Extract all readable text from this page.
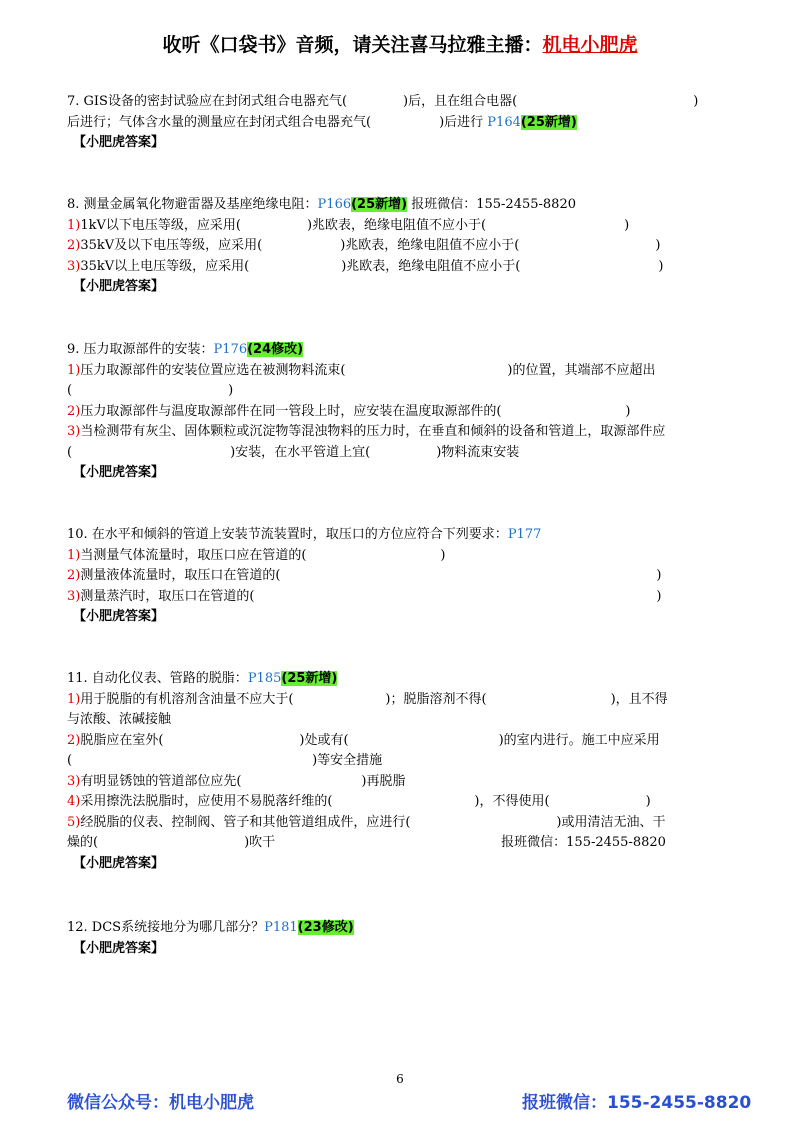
收听《口袋书》音频，请关注喜马拉雅主播：机电小肥虎
7. GIS设备的密封试验应在封闭式组合电器充气(	)后，且在组合电器(	)
后进行；气体含水量的测量应在封闭式组合电器充气(	)后进行 P164(25新增)
【小肥虎答案】
8. 测量金属氧化物避雷器及基座绝缘电阻：P166(25新增) 报班微信：155-2455-8820
1)1kV以下电压等级，应采用(	)兆欧表，绝缘电阻值不应小于(	)
2)35kV及以下电压等级，应采用(	)兆欧表，绝缘电阻值不应小于(	)
3)35kV以上电压等级，应采用(	)兆欧表，绝缘电阻值不应小于(	)
【小肥虎答案】
9. 压力取源部件的安装：P176(24修改)
1)压力取源部件的安装位置应选在被测物料流束(	)的位置，其端部不应超出
(	)
2)压力取源部件与温度取源部件在同一管段上时，应安装在温度取源部件的(	)
3)当检测带有灰尘、固体颗粒或沉淀物等混浊物料的压力时，在垂直和倾斜的设备和管道上，取源部件应
(	)安装，在水平管道上宜(	)物料流束安装
【小肥虎答案】
10. 在水平和倾斜的管道上安装节流装置时，取压口的方位应符合下列要求：P177
1)当测量气体流量时，取压口应在管道的(	)
2)测量液体流量时，取压口在管道的(	)
3)测量蒸汽时，取压口在管道的(	)
【小肥虎答案】
11. 自动化仪表、管路的脱脂：P185(25新增)
1)用于脱脂的有机溶剂含油量不应大于(	)；脱脂溶剂不得(	)，且不得
与浓酸、浓碱接触
2)脱脂应在室外(	)处或有(	)的室内进行。施工中应采用
(	)等安全措施
3)有明显锈蚀的管道部位应先(	)再脱脂
4)采用擦洗法脱脂时，应使用不易脱落纤维的(	)，不得使用(	)
5)经脱脂的仪表、控制阀、管子和其他管道组成件，应进行(	)或用清洁无油、干
燥的(	)吹干	报班微信：155-2455-8820
【小肥虎答案】
12. DCS系统接地分为哪几部分？P181(23修改)
【小肥虎答案】
6
微信公众号：机电小肥虎	报班微信：155-2455-8820
